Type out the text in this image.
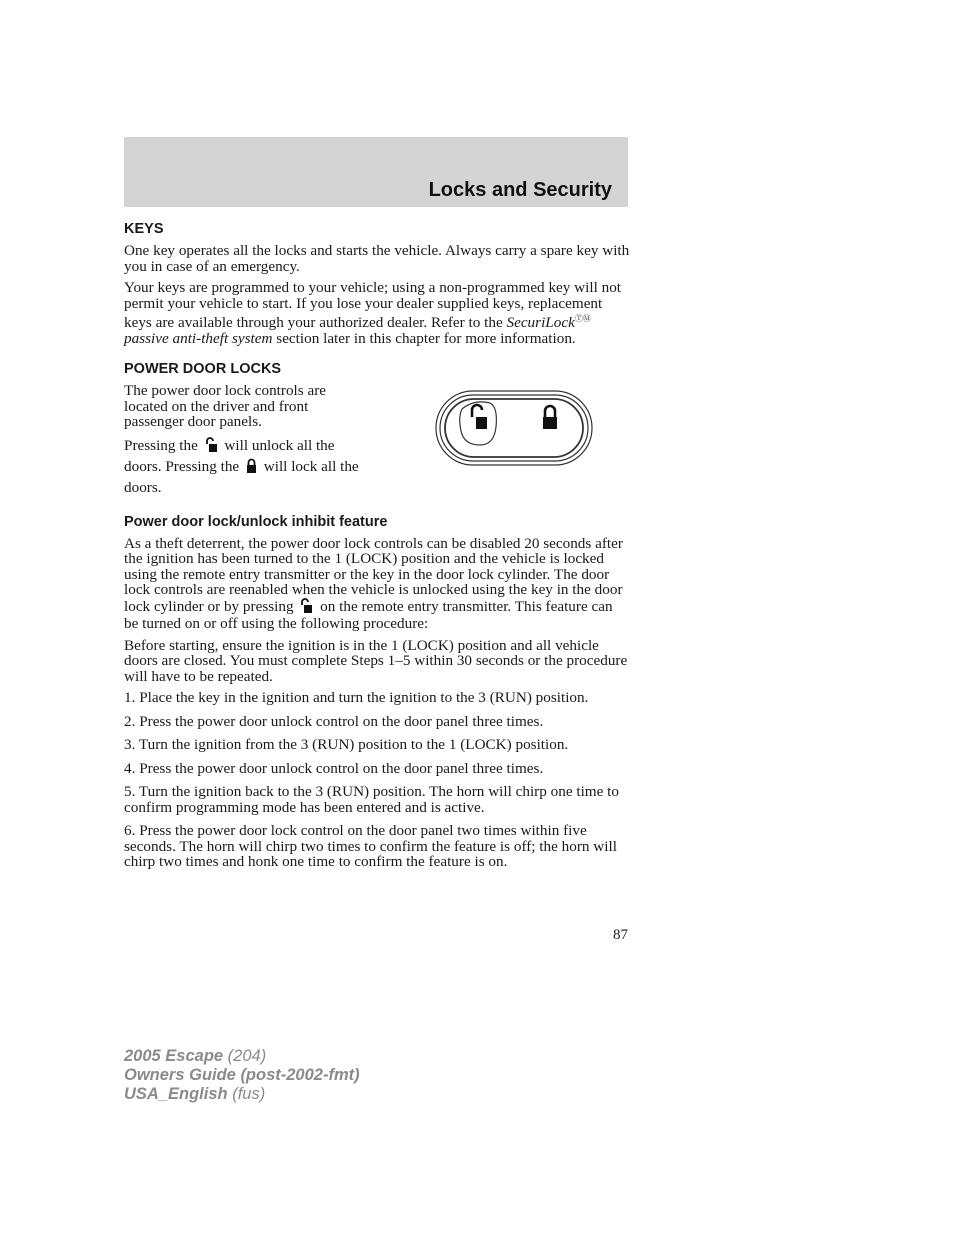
Locks and Security
KEYS

One key operates all the locks and starts the vehicle. Always carry a spare key with you in case of an emergency.

Your keys are programmed to your vehicle; using a non-programmed key will not permit your vehicle to start. If you lose your dealer supplied keys, replacement keys are available through your authorized dealer. Refer to the SecuriLockⓉⓂ passive anti-theft system section later in this chapter for more information.

POWER DOOR LOCKS

The power door lock controls are located on the driver and front passenger door panels.

Pressing the will unlock all the doors. Pressing the will lock all the doors.

Power door lock/unlock inhibit feature

As a theft deterrent, the power door lock controls can be disabled 20 seconds after the ignition has been turned to the 1 (LOCK) position and the vehicle is locked using the remote entry transmitter or the key in the door lock cylinder. The door lock controls are reenabled when the vehicle is unlocked using the key in the door lock cylinder or by pressing on the remote entry transmitter. This feature can be turned on or off using the following procedure:

Before starting, ensure the ignition is in the 1 (LOCK) position and all vehicle doors are closed. You must complete Steps 1–5 within 30 seconds or the procedure will have to be repeated.

1. Place the key in the ignition and turn the ignition to the 3 (RUN) position.

2. Press the power door unlock control on the door panel three times.

3. Turn the ignition from the 3 (RUN) position to the 1 (LOCK) position.

4. Press the power door unlock control on the door panel three times.

5. Turn the ignition back to the 3 (RUN) position. The horn will chirp one time to confirm programming mode has been entered and is active.

6. Press the power door lock control on the door panel two times within five seconds. The horn will chirp two times to confirm the feature is off; the horn will chirp two times and honk one time to confirm the feature is on.

87
2005 Escape (204)
Owners Guide (post-2002-fmt)
USA_English (fus)
